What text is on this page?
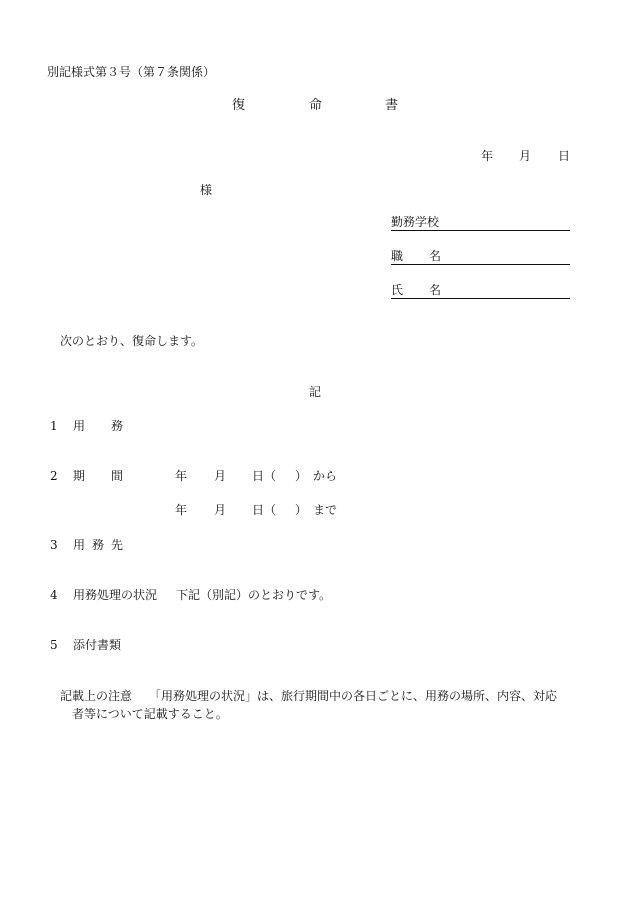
別記様式第３号（第７条関係）
復	命	書
年 月 日
様
勤務学校
職 名
氏 名
次のとおり、復命します。
記
1 用 務
2 期 間	年 月 日（ ） から
年 月 日（ ） まで
3 用 務 先
4 用務処理の状況 下記（別記）のとおりです。
5 添付書類
記載上の注意 「用務処理の状況」は、旅行期間中の各日ごとに、用務の場所、内容、対応
者等について記載すること。
